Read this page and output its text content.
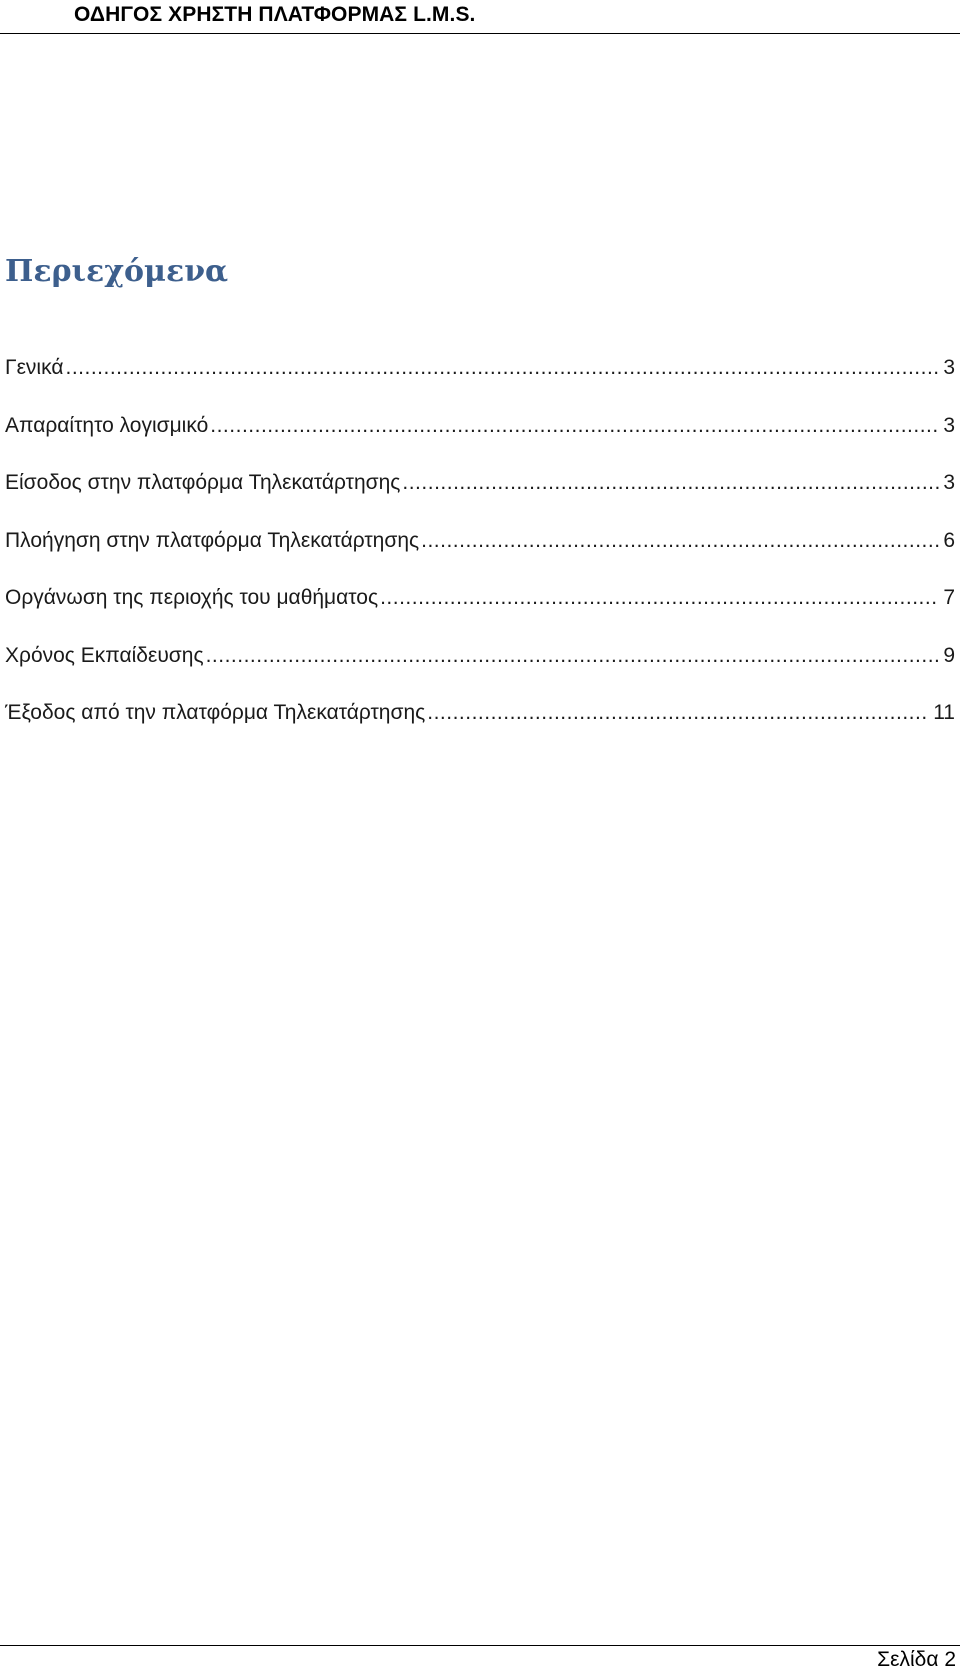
ΟΔΗΓΟΣ ΧΡΗΣΤΗ ΠΛΑΤΦΟΡΜΑΣ L.M.S.
Περιεχόμενα
Γενικά .....	3
Απαραίτητο λογισμικό .....	3
Είσοδος στην πλατφόρμα Τηλεκατάρτησης .....	3
Πλοήγηση στην πλατφόρμα Τηλεκατάρτησης .....	6
Οργάνωση της περιοχής του μαθήματος .....	7
Χρόνος Εκπαίδευσης .....	9
Έξοδος από την πλατφόρμα Τηλεκατάρτησης .....	11
Σελίδα 2
